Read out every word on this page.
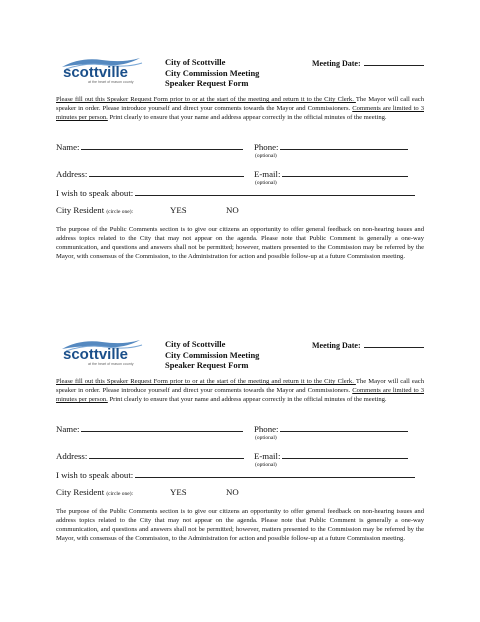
scottville
at the heart of mason county
City of Scottville
City Commission Meeting
Speaker Request Form
Meeting Date:
Please fill out this Speaker Request Form prior to or at the start of the meeting and return it to the City Clerk. The Mayor will call each speaker in order. Please introduce yourself and direct your comments towards the Mayor and Commissioners. Comments are limited to 3 minutes per person. Print clearly to ensure that your name and address appear correctly in the official minutes of the meeting.
Name:	Phone:
(optional)
Address:	E-mail:
(optional)
I wish to speak about:
City Resident (circle one):	YES	NO
The purpose of the Public Comments section is to give our citizens an opportunity to offer general feedback on non-hearing issues and address topics related to the City that may not appear on the agenda. Please note that Public Comment is generally a one-way communication, and questions and answers shall not be permitted; however, matters presented to the Commission may be referred by the Mayor, with consensus of the Commission, to the Administration for action and possible follow-up at a future Commission meeting.
scottville
at the heart of mason county
City of Scottville
City Commission Meeting
Speaker Request Form
Meeting Date:
Please fill out this Speaker Request Form prior to or at the start of the meeting and return it to the City Clerk. The Mayor will call each speaker in order. Please introduce yourself and direct your comments towards the Mayor and Commissioners. Comments are limited to 3 minutes per person. Print clearly to ensure that your name and address appear correctly in the official minutes of the meeting.
Name:	Phone:
(optional)
Address:	E-mail:
(optional)
I wish to speak about:
City Resident (circle one):	YES	NO
The purpose of the Public Comments section is to give our citizens an opportunity to offer general feedback on non-hearing issues and address topics related to the City that may not appear on the agenda. Please note that Public Comment is generally a one-way communication, and questions and answers shall not be permitted; however, matters presented to the Commission may be referred by the Mayor, with consensus of the Commission, to the Administration for action and possible follow-up at a future Commission meeting.
